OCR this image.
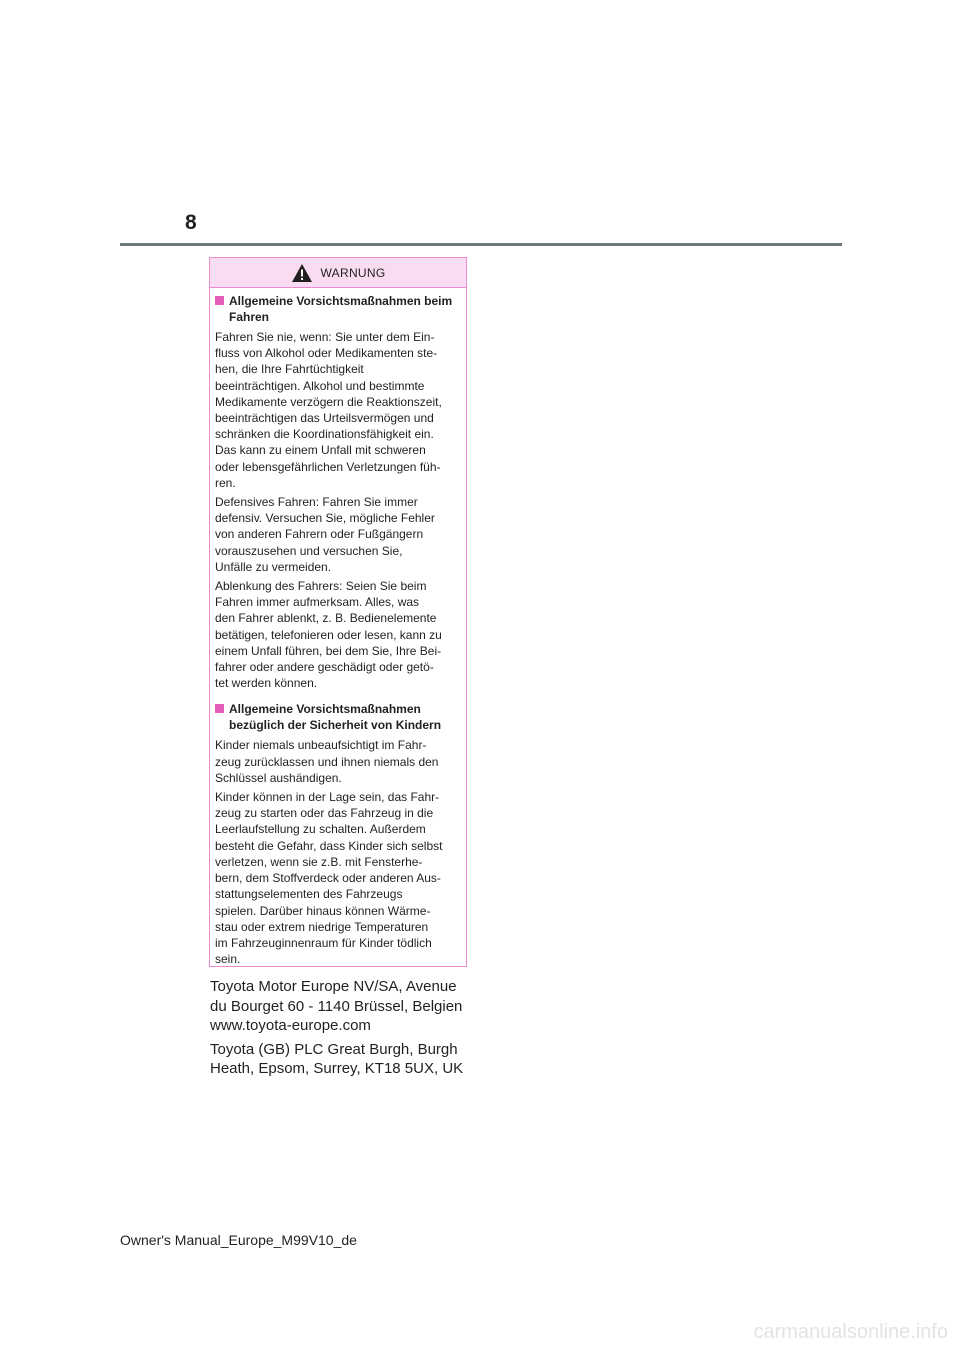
8
WARNUNG
Allgemeine Vorsichtsmaßnahmen beim Fahren
Fahren Sie nie, wenn: Sie unter dem Ein-
fluss von Alkohol oder Medikamenten ste-
hen, die Ihre Fahrtüchtigkeit
beeinträchtigen. Alkohol und bestimmte
Medikamente verzögern die Reaktionszeit,
beeinträchtigen das Urteilsvermögen und
schränken die Koordinationsfähigkeit ein.
Das kann zu einem Unfall mit schweren
oder lebensgefährlichen Verletzungen füh-
ren.
Defensives Fahren: Fahren Sie immer
defensiv. Versuchen Sie, mögliche Fehler
von anderen Fahrern oder Fußgängern
vorauszusehen und versuchen Sie,
Unfälle zu vermeiden.
Ablenkung des Fahrers: Seien Sie beim
Fahren immer aufmerksam. Alles, was
den Fahrer ablenkt, z. B. Bedienelemente
betätigen, telefonieren oder lesen, kann zu
einem Unfall führen, bei dem Sie, Ihre Bei-
fahrer oder andere geschädigt oder getö-
tet werden können.
Allgemeine Vorsichtsmaßnahmen bezüglich der Sicherheit von Kindern
Kinder niemals unbeaufsichtigt im Fahr-
zeug zurücklassen und ihnen niemals den
Schlüssel aushändigen.
Kinder können in der Lage sein, das Fahr-
zeug zu starten oder das Fahrzeug in die
Leerlaufstellung zu schalten. Außerdem
besteht die Gefahr, dass Kinder sich selbst
verletzen, wenn sie z.B. mit Fensterhe-
bern, dem Stoffverdeck oder anderen Aus-
stattungselementen des Fahrzeugs
spielen. Darüber hinaus können Wärme-
stau oder extrem niedrige Temperaturen
im Fahrzeuginnenraum für Kinder tödlich
sein.
Toyota Motor Europe NV/SA, Avenue
du Bourget 60 - 1140 Brüssel, Belgien
www.toyota-europe.com
Toyota (GB) PLC Great Burgh, Burgh
Heath, Epsom, Surrey, KT18 5UX, UK
Owner's Manual_Europe_M99V10_de
carmanualsonline.info
